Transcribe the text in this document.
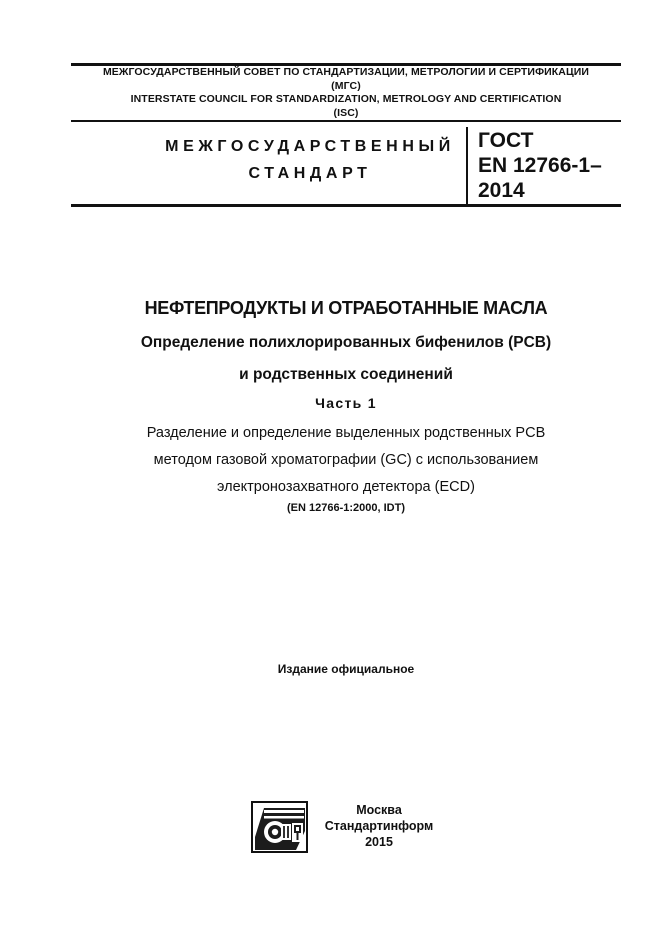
МЕЖГОСУДАРСТВЕННЫЙ СОВЕТ ПО СТАНДАРТИЗАЦИИ, МЕТРОЛОГИИ И СЕРТИФИКАЦИИ
(МГС)
INTERSTATE COUNCIL FOR STANDARDIZATION, METROLOGY AND CERTIFICATION
(ISC)
МЕЖГОСУДАРСТВЕННЫЙ
СТАНДАРТ
ГОСТ
EN 12766-1–
2014
НЕФТЕПРОДУКТЫ И ОТРАБОТАННЫЕ МАСЛА
Определение полихлорированных бифенилов (PCB)
и родственных соединений
Часть 1
Разделение и определение выделенных родственных PCB
методом газовой хроматографии (GC) с использованием
электронозахватного детектора (ECD)
(EN 12766-1:2000, IDT)
Издание официальное
Москва
Стандартинформ
2015
